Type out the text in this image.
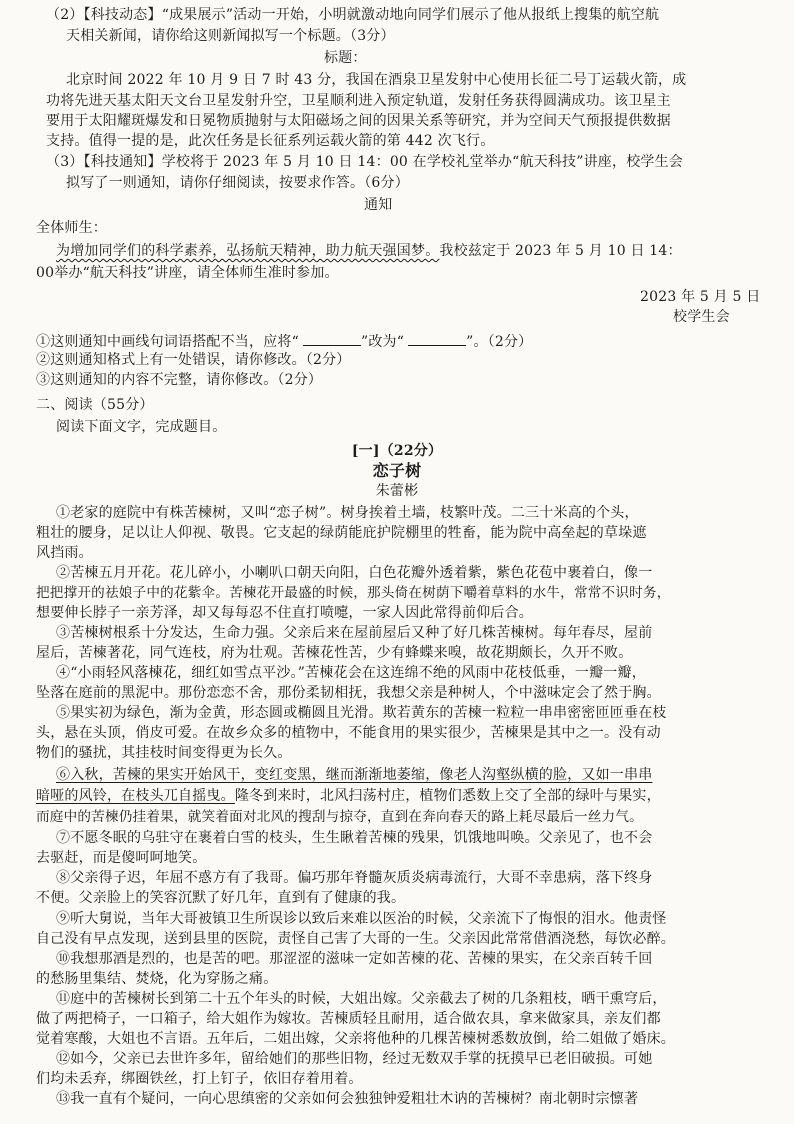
（2）【科技动态】“成果展示”活动一开始，小明就激动地向同学们展示了他从报纸上搜集的航空航
天相关新闻，请你给这则新闻拟写一个标题。（3分）
标题：
北京时间 2022 年 10 月 9 日 7 时 43 分，我国在酒泉卫星发射中心使用长征二号丁运载火箭，成
功将先进天基太阳天文台卫星发射升空，卫星顺利进入预定轨道，发射任务获得圆满成功。该卫星主
要用于太阳耀斑爆发和日冕物质抛射与太阳磁场之间的因果关系等研究，并为空间天气预报提供数据
支持。值得一提的是，此次任务是长征系列运载火箭的第 442 次飞行。
（3）【科技通知】学校将于 2023 年 5 月 10 日 14：00 在学校礼堂举办“航天科技”讲座，校学生会
拟写了一则通知，请你仔细阅读，按要求作答。（6分）
通知
全体师生：
为增加同学们的科学素养，弘扬航天精神，助力航天强国梦。我校兹定于 2023 年 5 月 10 日 14：
00举办“航天科技”讲座，请全体师生准时参加。
2023 年 5 月 5 日
校学生会
①这则通知中画线句词语搭配不当，应将“	”改为“	”。（2分）
②这则通知格式上有一处错误，请你修改。（2分）
③这则通知的内容不完整，请你修改。（2分）
二、阅读（55分）
阅读下面文字，完成题目。
[一]（22分）
恋子树
朱蕾彬
①老家的庭院中有株苦楝树，又叫“恋子树”。树身挨着土墙，枝繁叶茂。二三十米高的个头，
粗壮的腰身，足以让人仰视、敬畏。它支起的绿荫能庇护院棚里的牲畜，能为院中高垒起的草垛遮
风挡雨。
②苦楝五月开花。花儿碎小，小喇叭口朝天向阳，白色花瓣外透着紫，紫色花苞中裹着白，像一
把把撑开的祛娘子中的花紫伞。苦楝花开最盛的时候，那头倚在树荫下嚼着草料的水牛，常常不识时务，
想要伸长脖子一亲芳泽，却又每每忍不住直打喷嚏，一家人因此常得前仰后合。
③苦楝树根系十分发达，生命力强。父亲后来在屋前屋后又种了好几株苦楝树。每年春尽，屋前
屋后，苦楝著花，同气连枝，府为壮观。苦楝花性苦，少有蜂蝶来嗅，故花期颇长，久开不败。
④“小雨轻风落楝花，细红如雪点平沙。”苦楝花会在这连绵不绝的风雨中花枝低垂，一瓣一瓣，
坠落在庭前的黑泥中。那份恋恋不舍，那份柔韧相抚，我想父亲是种树人，个中滋味定会了然于胸。
⑤果实初为绿色，渐为金黄，形态圆或椭圆且光滑。欺若黄东的苦楝一粒粒一串串密密匝匝垂在枝
头，悬在头顶，俏皮可爱。在故乡众多的植物中，不能食用的果实很少，苦楝果是其中之一。没有动
物们的骚扰，其挂枝时间变得更为长久。
⑥入秋，苦楝的果实开始风干，变红变黑，继而渐渐地萎缩，像老人沟壑纵横的脸，又如一串串
暗哑的风铃，在枝头兀自摇曳。隆冬到来时，北风扫荡村庄，植物们悉数上交了全部的绿叶与果实，
而庭中的苦楝仍挂着果，就笑着面对北风的搜刮与掠夺，直到在奔向春天的路上耗尽最后一丝力气。
⑦不愿冬眠的乌驻守在裹着白雪的枝头，生生瞅着苦楝的残果，饥饿地叫唤。父亲见了，也不会
去驱赶，而是傻呵呵地笑。
⑧父亲得子迟，年屈不惑方有了我哥。偏巧那年脊髓灰质炎病毒流行，大哥不幸患病，落下终身
不便。父亲脸上的笑容沉默了好几年，直到有了健康的我。
⑨听大舅说，当年大哥被镇卫生所误诊以致后来难以医治的时候，父亲流下了悔恨的泪水。他责怪
自己没有早点发现，送到县里的医院，责怪自己害了大哥的一生。父亲因此常常借酒浇愁，每饮必醉。
⑩我想那酒是烈的，也是苦的吧。那涩涩的滋味一定如苦楝的花、苦楝的果实，在父亲百转千回
的愁肠里集结、焚烧，化为穿肠之痛。
⑪庭中的苦楝树长到第二十五个年头的时候，大姐出嫁。父亲截去了树的几条粗枝，晒干熏穹后，
做了两把椅子，一口箱子，给大姐作为嫁妆。苦楝质轻且耐用，适合做农具，拿来做家具，亲友们都
觉着寒酸，大姐也不言语。五年后，二姐出嫁，父亲将他种的几棵苦楝树悉数放倒，给二姐做了婚床。
⑫如今，父亲已去世许多年，留给她们的那些旧物，经过无数双手掌的抚摸早已老旧破损。可她
们均未丢弃，绑圈铁丝，打上钉子，依旧存着用着。
⑬我一直有个疑问，一向心思缜密的父亲如何会独独钟爱粗壮木讷的苦楝树？南北朝时宗懔著
